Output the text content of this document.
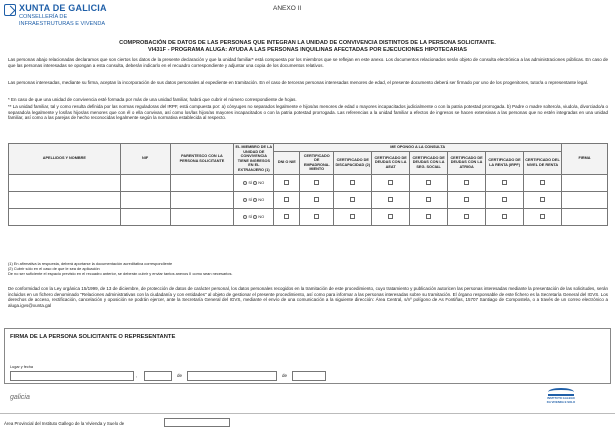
XUNTA DE GALICIA
CONSELLERÍA DE
INFRAESTRUTURAS E VIVENDA
ANEXO II
COMPROBACIÓN DE DATOS DE LAS PERSONAS QUE INTEGRAN LA UNIDAD DE CONVIVENCIA DISTINTOS DE LA PERSONA SOLICITANTE.
VI431F - PROGRAMA ALUGA: AYUDA A LAS PERSONAS INQUILINAS AFECTADAS POR EJECUCIONES HIPOTECARIAS
Las personas abajo relacionadas declaramos que son ciertos los datos de la presente declaración y que la unidad familiar* está compuesta por los miembros que se reflejan en este anexo. Los documentos relacionados serán objeto de consulta electrónica a las administraciones públicas. En caso de que las personas interesadas se opongan a esta consulta, deberán indicarlo en el recuadro correspondiente y adjuntar una copia de los documentos relativos.
Las personas interesadas, mediante su firma, aceptan la incorporación de sus datos personales al expediente en tramitación. En el caso de terceras personas interesadas menores de edad, el presente documento deberá ser firmado por uno de los progenitores, tutor/a o representante legal.
* En caso de que una unidad de convivencia esté formada por más de una unidad familiar, habrá que cubrir el número correspondiente de hojas.
** La unidad familiar, tal y como resulta definida por las normas reguladoras del IRPF, está compuesta por: a) cónyuges no separados legalmente e hijos/as menores de edad o mayores incapacitados judicialmente o con la patria potestad prorrogada. b) Padre o madre soltero/a, viudo/a, divorciado/a o separado/a legalmente y los/las hijos/as menores que con él o ella convivan, así como los/las hijos/as mayores incapacitados o con la patria potestad prorrogada. Las referencias a la unidad familiar a efectos de ingresos se hacen extensivas a las personas que no estén integradas en una unidad familiar, así como a las parejas de hecho reconocidas legalmente según la normativa establecida al respecto.
APELLIDOS Y NOMBRE	NIF	PARENTESCO CON LA PERSONA SOLICITANTE	EL MIEMBRO DE LA UNIDAD DE CONVIVENCIA TIENE INGRESOS EN EL EXTRANJERO (1)	ME OPONGO A LA CONSULTA								FIRMA
				DNI O NIE	CERTIFICADO DE EMPADRONA-MIENTO	CERTIFICADO DE DISCAPACIDAD (2)	CERTIFICADO DE DEUDAS CON LA AEAT	CERTIFICADO DE DEUDAS CON LA SEG. SOCIAL	CERTIFICADO DE DEUDAS CON LA ATRIGA	CERTIFICADO DE LA RENTA (IRPF)	CERTIFICADO DEL NIVEL DE RENTA	
			SÍ NO									
			SÍ NO									
			SÍ NO									
(1) En afirmativa la respuesta, deberá aportarse la documentación acreditativa correspondiente
(2) Cubrir sólo en el caso de que le sea de aplicación
De no ser suficiente el espacio previsto en el recuadro anterior, se deberán cubrir y enviar tantos anexos II como sean necesarios.
De conformidad con la Ley orgánica 15/1999, de 13 de diciembre, de protección de datos de carácter personal, los datos personales recogidos en la tramitación de este procedimiento, cuyo tratamiento y publicación autoricen las personas interesadas mediante la presentación de las solicitudes, serán incluidos en un fichero denominado "Relaciones administrativas con la ciudadanía y con entidades" al objeto de gestionar el presente procedimiento, así como para informar a las personas interesadas sobre su tramitación. El órgano responsable de este fichero es la Secretaría General del IGVS. Los derechos de acceso, rectificación, cancelación y oposición se podrán ejercer, ante la Secretaría General del IGVS, mediante el envío de una comunicación a la siguiente dirección: Área Central, s/nº polígono de As Fontiñas, 15707 Santiago de Compostela, o a través de un correo electrónico a aluga.igvs@xunta.gal
FIRMA DE LA PERSONA SOLICITANTE O REPRESENTANTE
Lugar y fecha
,	de	de
galicia	INSTITUTO GALEGO
DA VIVENDA E SOLO
Área Provincial del Instituto Gallego de la Vivienda y Suelo de
